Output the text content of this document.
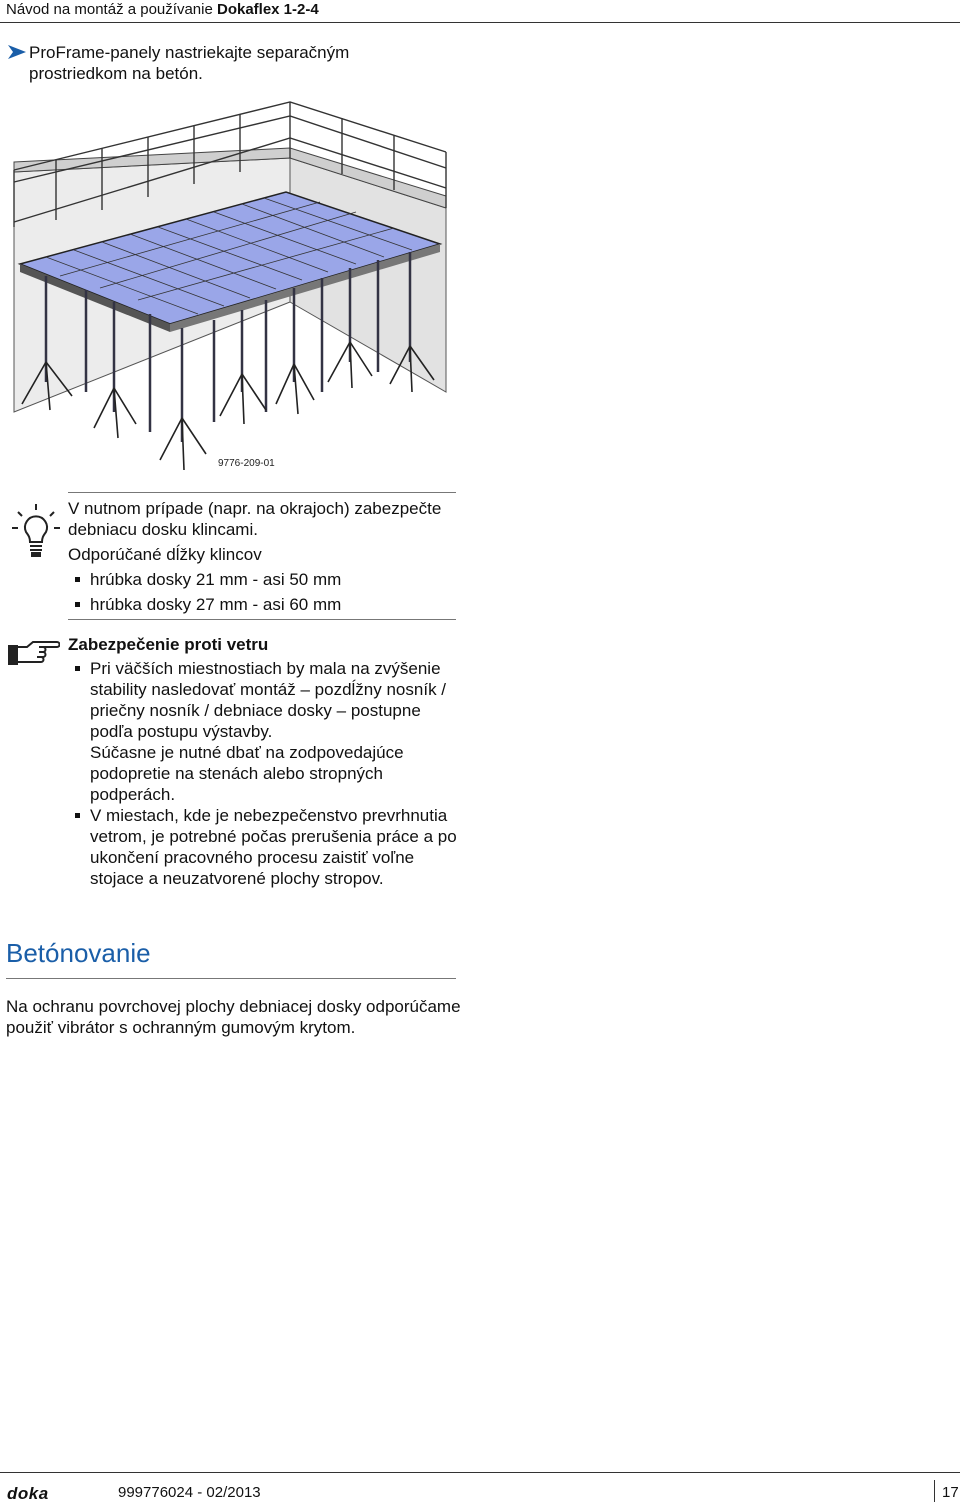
Návod na montáž a používanie Dokaflex 1-2-4
ProFrame-panely nastriekajte separačným prostriedkom na betón.
9776-209-01
V nutnom prípade (napr. na okrajoch) zabezpečte debniacu dosku klincami.
Odporúčané dĺžky klincov
hrúbka dosky 21 mm - asi 50 mm
hrúbka dosky 27 mm - asi 60 mm
Zabezpečenie proti vetru
Pri väčších miestnostiach by mala na zvýšenie stability nasledovať montáž – pozdĺžny nosník / priečny nosník / debniace dosky – postupne podľa postupu výstavby.
Súčasne je nutné dbať na zodpovedajúce podopretie na stenách alebo stropných podperách.
V miestach, kde je nebezpečenstvo prevrhnutia vetrom, je potrebné počas prerušenia práce a po ukončení pracovného procesu zaistiť voľne stojace a neuzatvorené plochy stropov.
Betónovanie
Na ochranu povrchovej plochy debniacej dosky odporúčame použiť vibrátor s ochranným gumovým krytom.
doka	999776024 - 02/2013	17
